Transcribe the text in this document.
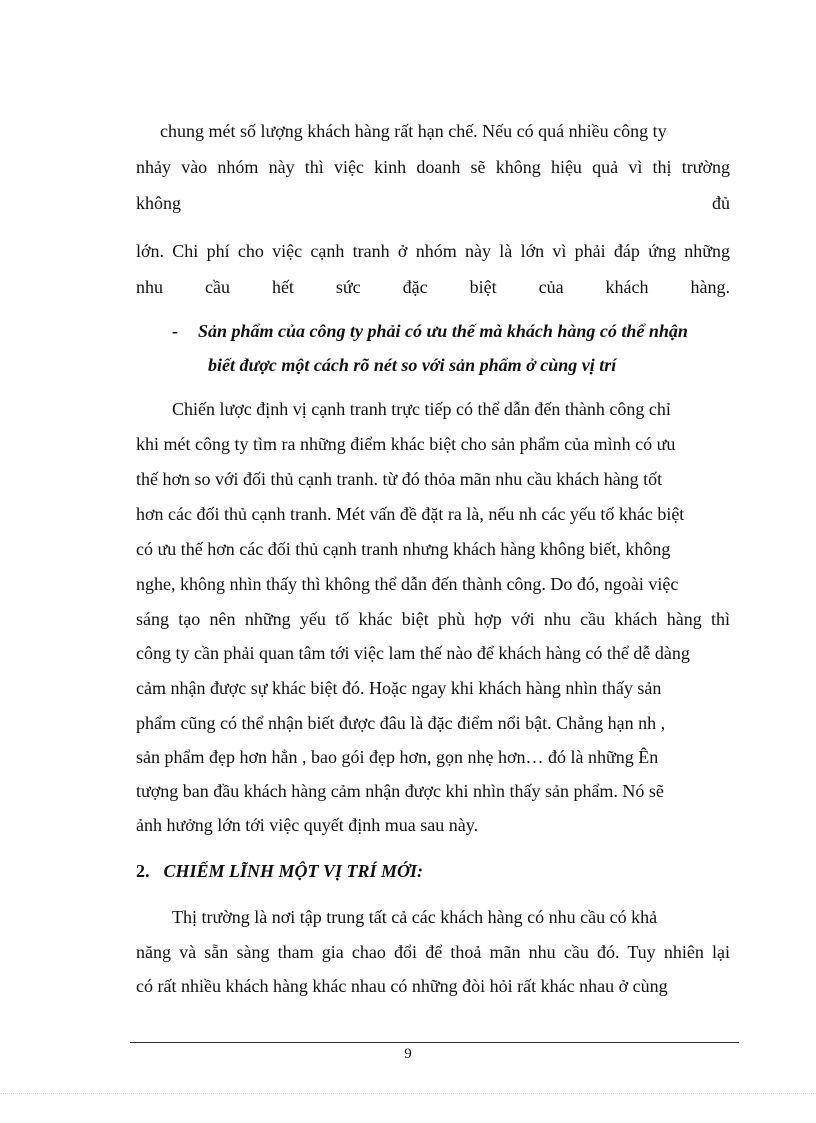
chung mét số lượng khách hàng rất hạn chế. Nếu có quá nhiều công ty
nhảy vào nhóm này thì việc kinh doanh sẽ không hiệu quả vì thị trường
không	đủ
lớn. Chi phí cho việc cạnh tranh ở nhóm này là lớn vì phải đáp ứng những
nhu cầu hết sức đặc biệt của khách hàng.
- Sản phẩm của công ty phải có ưu thế mà khách hàng có thể nhận
biết được một cách rõ nét so với sản phẩm ở cùng vị trí
Chiến lược định vị cạnh tranh trực tiếp có thể dẫn đến thành công chỉ
khi mét công ty tìm ra những điểm khác biệt cho sản phẩm của mình có ưu
thế hơn so với đối thủ cạnh tranh. từ đó thỏa mãn nhu cầu khách hàng tốt
hơn các đối thủ cạnh tranh. Mét vấn đề đặt ra là, nếu nh các yếu tố khác biệt
có ưu thế hơn các đối thủ cạnh tranh nhưng khách hàng không biết, không
nghe, không nhìn thấy thì không thể dẫn đến thành công. Do đó, ngoài việc
sáng tạo nên những yếu tố khác biệt phù hợp với nhu cầu khách hàng thì
công ty cần phải quan tâm tới việc lam thế nào để khách hàng có thể dễ dàng
cảm nhận được sự khác biệt đó. Hoặc ngay khi khách hàng nhìn thấy sản
phẩm cũng có thể nhận biết được đâu là đặc điểm nổi bật. Chẳng hạn nh ,
sản phẩm đẹp hơn hẳn , bao gói đẹp hơn, gọn nhẹ hơn… đó là những Ên
tượng ban đầu khách hàng cảm nhận được khi nhìn thấy sản phẩm. Nó sẽ
ảnh hưởng lớn tới việc quyết định mua sau này.
2. CHIẾM LĨNH MỘT VỊ TRÍ MỚI:
Thị trường là nơi tập trung tất cả các khách hàng có nhu cầu có khả
năng và sẵn sàng tham gia chao đổi để thoả mãn nhu cầu đó. Tuy nhiên lại
có rất nhiều khách hàng khác nhau có những đòi hỏi rất khác nhau ở cùng
9
